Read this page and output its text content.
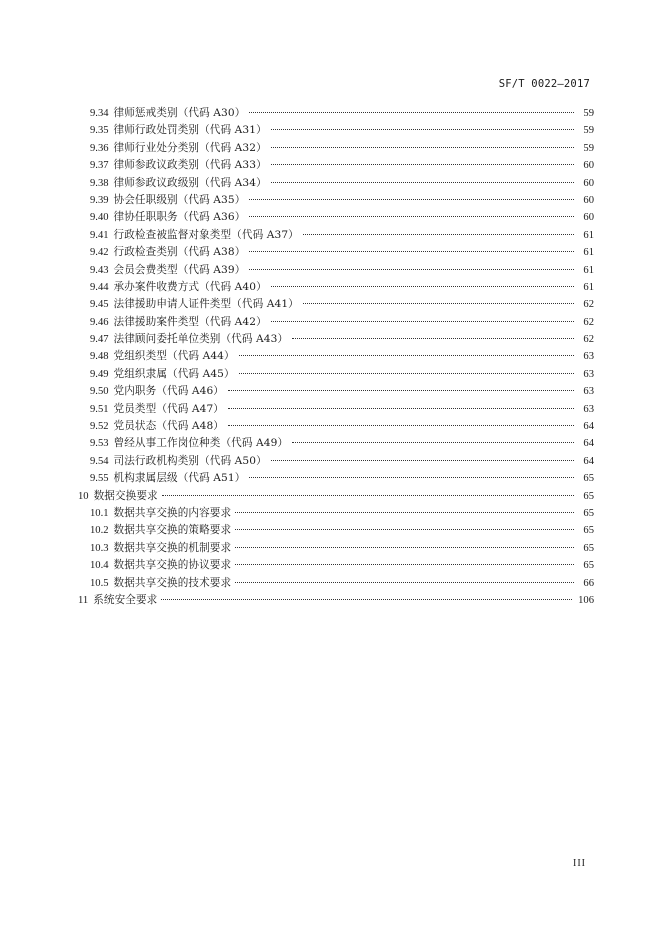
SF/T 0022—2017
9.34 律师惩戒类别（代码 A30）	59
9.35 律师行政处罚类别（代码 A31）	59
9.36 律师行业处分类别（代码 A32）	59
9.37 律师参政议政类别（代码 A33）	60
9.38 律师参政议政级别（代码 A34）	60
9.39 协会任职级别（代码 A35）	60
9.40 律协任职职务（代码 A36）	60
9.41 行政检查被监督对象类型（代码 A37）	61
9.42 行政检查类别（代码 A38）	61
9.43 会员会费类型（代码 A39）	61
9.44 承办案件收费方式（代码 A40）	61
9.45 法律援助申请人证件类型（代码 A41）	62
9.46 法律援助案件类型（代码 A42）	62
9.47 法律顾问委托单位类别（代码 A43）	62
9.48 党组织类型（代码 A44）	63
9.49 党组织隶属（代码 A45）	63
9.50 党内职务（代码 A46）	63
9.51 党员类型（代码 A47）	63
9.52 党员状态（代码 A48）	64
9.53 曾经从事工作岗位种类（代码 A49）	64
9.54 司法行政机构类别（代码 A50）	64
9.55 机构隶属层级（代码 A51）	65
10 数据交换要求	65
10.1 数据共享交换的内容要求	65
10.2 数据共享交换的策略要求	65
10.3 数据共享交换的机制要求	65
10.4 数据共享交换的协议要求	65
10.5 数据共享交换的技术要求	66
11 系统安全要求	106
III
